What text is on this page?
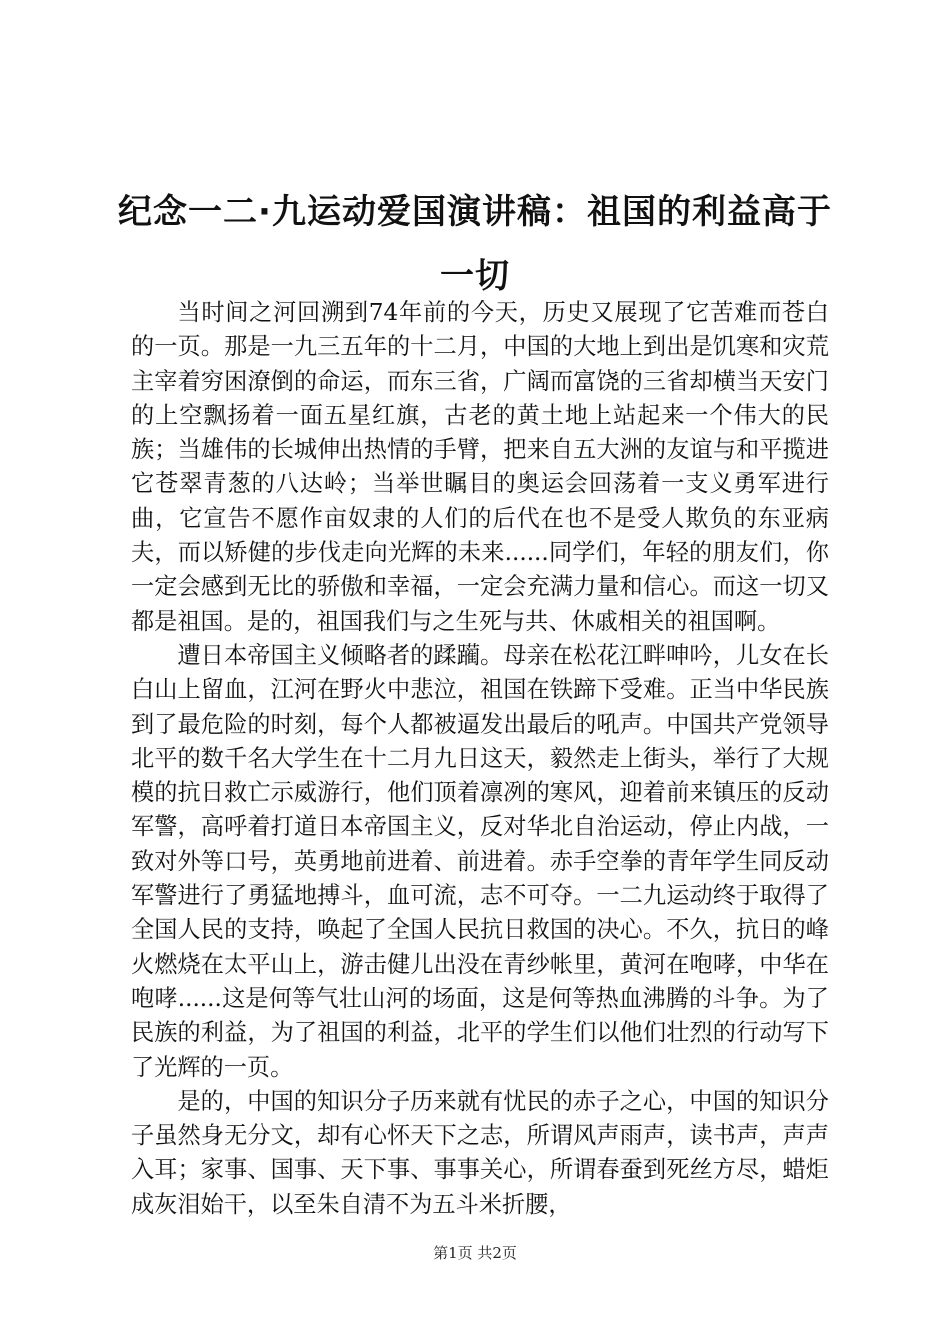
纪念一二·九运动爱国演讲稿：祖国的利益高于一切

当时间之河回溯到74年前的今天，历史又展现了它苦难而苍白的一页。那是一九三五年的十二月，中国的大地上到出是饥寒和灾荒主宰着穷困潦倒的命运，而东三省，广阔而富饶的三省却横当天安门的上空飘扬着一面五星红旗，古老的黄土地上站起来一个伟大的民族；当雄伟的长城伸出热情的手臂，把来自五大洲的友谊与和平揽进它苍翠青葱的八达岭；当举世瞩目的奥运会回荡着一支义勇军进行曲，它宣告不愿作亩奴隶的人们的后代在也不是受人欺负的东亚病夫，而以矫健的步伐走向光辉的未来......同学们，年轻的朋友们，你一定会感到无比的骄傲和幸福，一定会充满力量和信心。而这一切又都是祖国。是的，祖国我们与之生死与共、休戚相关的祖国啊。

遭日本帝国主义倾略者的蹂躏。母亲在松花江畔呻吟，儿女在长白山上留血，江河在野火中悲泣，祖国在铁蹄下受难。正当中华民族到了最危险的时刻，每个人都被逼发出最后的吼声。中国共产党领导北平的数千名大学生在十二月九日这天，毅然走上街头，举行了大规模的抗日救亡示威游行，他们顶着凛冽的寒风，迎着前来镇压的反动军警，高呼着打道日本帝国主义，反对华北自治运动，停止内战，一致对外等口号，英勇地前进着、前进着。赤手空拳的青年学生同反动军警进行了勇猛地搏斗，血可流，志不可夺。一二九运动终于取得了全国人民的支持，唤起了全国人民抗日救国的决心。不久，抗日的峰火燃烧在太平山上，游击健儿出没在青纱帐里，黄河在咆哮，中华在咆哮......这是何等气壮山河的场面，这是何等热血沸腾的斗争。为了民族的利益，为了祖国的利益，北平的学生们以他们壮烈的行动写下了光辉的一页。

是的，中国的知识分子历来就有忧民的赤子之心，中国的知识分子虽然身无分文，却有心怀天下之志，所谓风声雨声，读书声，声声入耳；家事、国事、天下事、事事关心，所谓春蚕到死丝方尽，蜡炬成灰泪始干，以至朱自清不为五斗米折腰，

第1页 共2页
